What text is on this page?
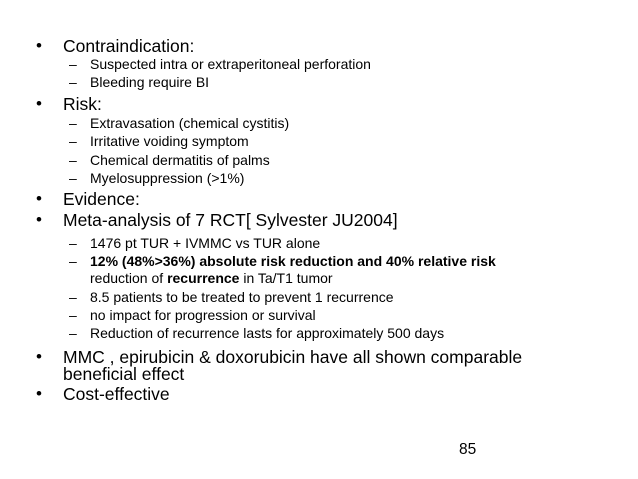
• Contraindication:
– Suspected intra or extraperitoneal perforation
– Bleeding require BI
• Risk:
– Extravasation (chemical cystitis)
– Irritative voiding symptom
– Chemical dermatitis of palms
– Myelosuppression (>1%)
• Evidence:
• Meta-analysis of 7 RCT[ Sylvester JU2004]
– 1476 pt TUR + IVMMC vs TUR alone
– 12% (48%>36%) absolute risk reduction and 40% relative risk
reduction of recurrence in Ta/T1 tumor
– 8.5 patients to be treated to prevent 1 recurrence
– no impact for progression or survival
– Reduction of recurrence lasts for approximately 500 days
• MMC , epirubicin & doxorubicin have all shown comparable
beneficial effect
• Cost-effective
85
